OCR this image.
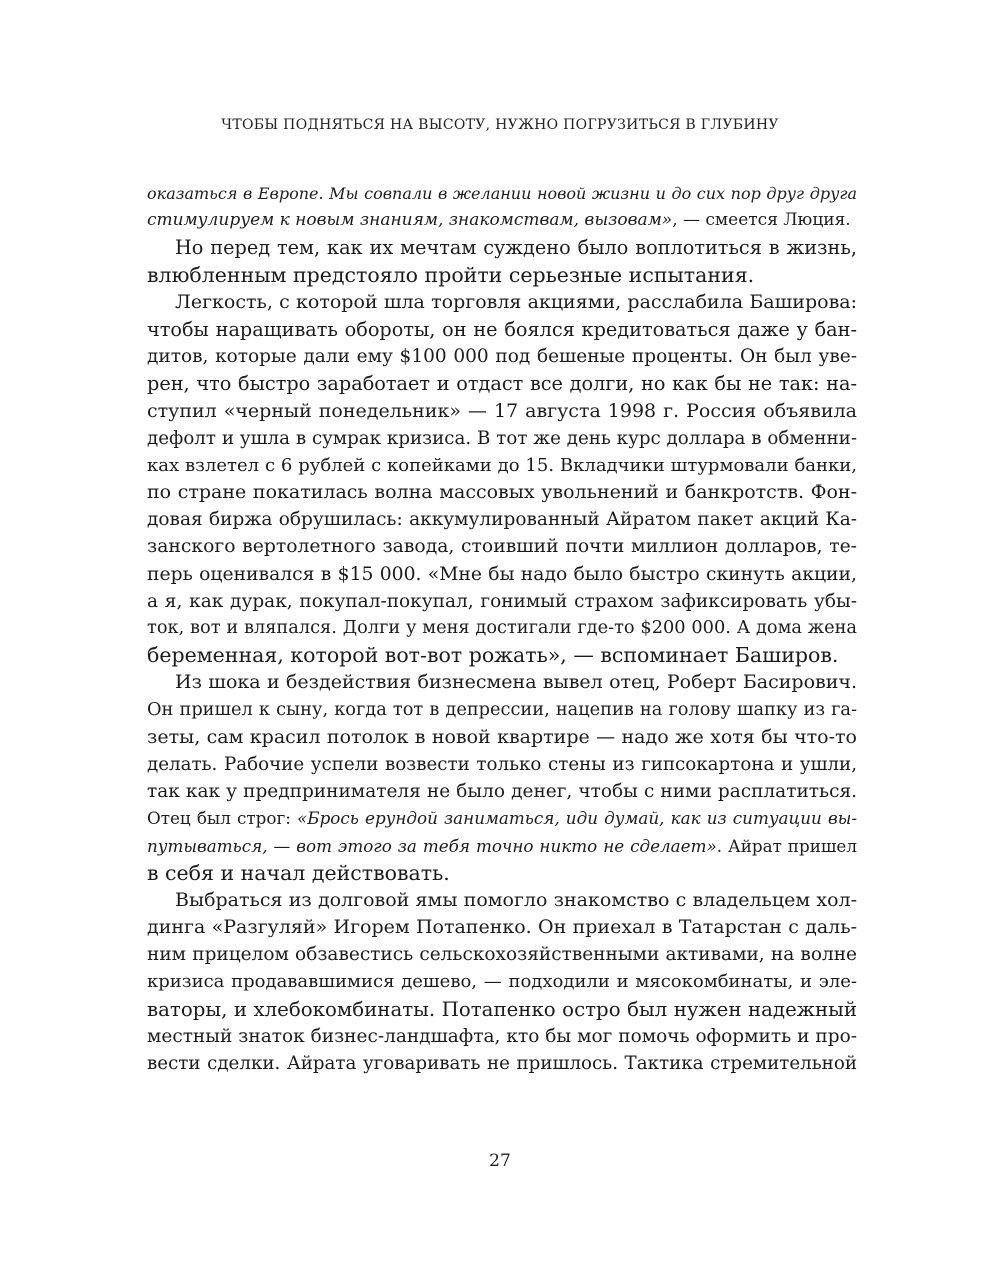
ЧТОБЫ ПОДНЯТЬСЯ НА ВЫСОТУ, НУЖНО ПОГРУЗИТЬСЯ В ГЛУБИНУ
оказаться в Европе. Мы совпали в желании новой жизни и до сих пор друг друга
стимулируем к новым знаниям, знакомствам, вызовам», — смеется Люция.
Но перед тем, как их мечтам суждено было воплотиться в жизнь,
влюбленным предстояло пройти серьезные испытания.
Легкость, с которой шла торговля акциями, расслабила Баширова:
чтобы наращивать обороты, он не боялся кредитоваться даже у бан-
дитов, которые дали ему $100 000 под бешеные проценты. Он был уве-
рен, что быстро заработает и отдаст все долги, но как бы не так: на-
ступил «черный понедельник» — 17 августа 1998 г. Россия объявила
дефолт и ушла в сумрак кризиса. В тот же день курс доллара в обменни-
ках взлетел с 6 рублей с копейками до 15. Вкладчики штурмовали банки,
по стране покатилась волна массовых увольнений и банкротств. Фон-
довая биржа обрушилась: аккумулированный Айратом пакет акций Ка-
занского вертолетного завода, стоивший почти миллион долларов, те-
перь оценивался в $15 000. «Мне бы надо было быстро скинуть акции,
а я, как дурак, покупал-покупал, гонимый страхом зафиксировать убы-
ток, вот и вляпался. Долги у меня достигали где-то $200 000. А дома жена
беременная, которой вот-вот рожать», — вспоминает Баширов.
Из шока и бездействия бизнесмена вывел отец, Роберт Басирович.
Он пришел к сыну, когда тот в депрессии, нацепив на голову шапку из га-
зеты, сам красил потолок в новой квартире — надо же хотя бы что-то
делать. Рабочие успели возвести только стены из гипсокартона и ушли,
так как у предпринимателя не было денег, чтобы с ними расплатиться.
Отец был строг: «Брось ерундой заниматься, иди думай, как из ситуации вы-
путываться, — вот этого за тебя точно никто не сделает». Айрат пришел
в себя и начал действовать.
Выбраться из долговой ямы помогло знакомство с владельцем хол-
динга «Разгуляй» Игорем Потапенко. Он приехал в Татарстан с даль-
ним прицелом обзавестись сельскохозяйственными активами, на волне
кризиса продававшимися дешево, — подходили и мясокомбинаты, и эле-
ваторы, и хлебокомбинаты. Потапенко остро был нужен надежный
местный знаток бизнес-ландшафта, кто бы мог помочь оформить и про-
вести сделки. Айрата уговаривать не пришлось. Тактика стремительной
27
